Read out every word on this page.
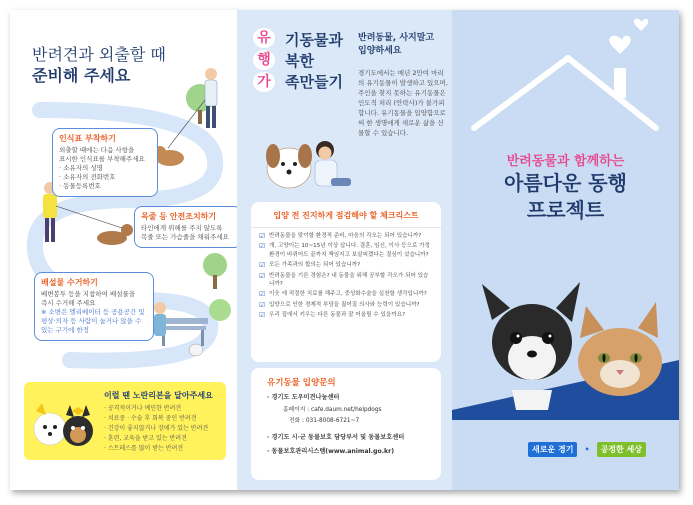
반려견과 외출할 때
준비해 주세요
인식표 부착하기
외출할 때에는 다음 사항을
표시한 인식표를 부착해주세요
· 소유자의 성명
· 소유자의 전화번호
· 동물등록번호
목줄 등 안전조치하기
타인에게 위해를 주지 않도록
목줄 또는 가슴줄을 채워주세요
배설물 수거하기
배변봉투 등을 지참하여 배설물을
즉시 수거해 주세요
※ 소변은 엘리베이터 등 공용공간 및
평상·의자 등 사람이 눕거나 앉을 수
있는 구기에 한정
이럴 땐 노란리본을 달아주세요
· 공격적이거나 예민한 반려견
· 치료중 · 수술 후 회복 중인 반려견
· 건강이 좋지않거나 장애가 있는 반려견
· 훈련, 교육을 받고 있는 반려견
· 스트레스를 많이 받는 반려견
유
행
가
기동물과
복한
족만들기
반려동물, 사지말고
입양하세요
경기도에서는 매년 2만여 마리의 유기동물이 발생하고 있으며, 주인을 찾지 못하는 유기동물은 인도적 처리 (안락사)가 불가피합니다. 유기동물을 입양함으로써 한 생명에게 새로운 삶을 선물할 수 있습니다.
입양 전 진지하게 점검해야 할 체크리스트
☑ 반려동물을 맞이할 환경적 준비, 마음의 각오는 되어 있습니까?
☑ 개, 고양이는 10~15년 이상 삽니다. 결혼, 임신, 이사 등으로 가정환경이 바뀌어도 끝까지 책임지고 보살피겠다는 결심이 섰습니까?
☑ 모든 가족과의 합의는 되어 있습니까?
☑ 반려동물을 기른 경험은? 내 동물을 위해 공부할 각오가 되어 있습니까?
☑ 이웃 에 적절한 치료를 해주고, 중성화수술을 실천할 생각입니까?
☑ 입양으로 인한 경제적 부담을 짊어질 의사와 능력이 있습니까?
☑ 우리 집에서 키우는 다른 동물과 잘 어울릴 수 있을까요?
유기동물 입양문의
· 경기도 도우미견나눔센터
홈페이지 : cafe.daum.net/helpdogs
전화 : 031-8008-6721~7
· 경기도 시·군 동물보호 담당부서 및 동물보호센터
· 동물보호관리시스템(www.animal.go.kr)
반려동물과 함께하는
아름다운 동행
프로젝트
새로운 경기	•	공정한 세상
